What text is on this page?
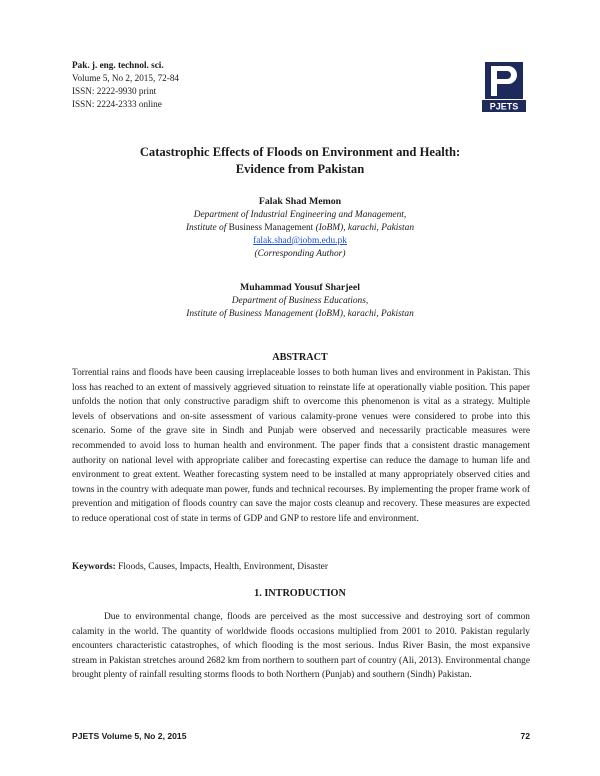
Pak. j. eng. technol. sci.
Volume 5, No 2, 2015, 72-84
ISSN: 2222-9930 print
ISSN: 2224-2333 online	PJETS
Catastrophic Effects of Floods on Environment and Health:
Evidence from Pakistan
Falak Shad Memon
Department of Industrial Engineering and Management,
Institute of Business Management (IoBM), karachi, Pakistan
falak.shad@iobm.edu.pk
(Corresponding Author)
Muhammad Yousuf Sharjeel
Department of Business Educations,
Institute of Business Management (IoBM), karachi, Pakistan
ABSTRACT
Torrential rains and floods have been causing irreplaceable losses to both human lives and environment in Pakistan. This loss has reached to an extent of massively aggrieved situation to reinstate life at operationally viable position. This paper unfolds the notion that only constructive paradigm shift to overcome this phenomenon is vital as a strategy. Multiple levels of observations and on-site assessment of various calamity-prone venues were considered to probe into this scenario. Some of the grave site in Sindh and Punjab were observed and necessarily practicable measures were recommended to avoid loss to human health and environment. The paper finds that a consistent drastic management authority on national level with appropriate caliber and forecasting expertise can reduce the damage to human life and environment to great extent. Weather forecasting system need to be installed at many appropriately observed cities and towns in the country with adequate man power, funds and technical recourses. By implementing the proper frame work of prevention and mitigation of floods country can save the major costs cleanup and recovery. These measures are expected to reduce operational cost of state in terms of GDP and GNP to restore life and environment.
Keywords: Floods, Causes, Impacts, Health, Environment, Disaster
1. INTRODUCTION
Due to environmental change, floods are perceived as the most successive and destroying sort of common calamity in the world. The quantity of worldwide floods occasions multiplied from 2001 to 2010. Pakistan regularly encounters characteristic catastrophes, of which flooding is the most serious. Indus River Basin, the most expansive stream in Pakistan stretches around 2682 km from northern to southern part of country (Ali, 2013). Environmental change brought plenty of rainfall resulting storms floods to both Northern (Punjab) and southern (Sindh) Pakistan.
PJETS Volume 5, No 2, 2015	72
